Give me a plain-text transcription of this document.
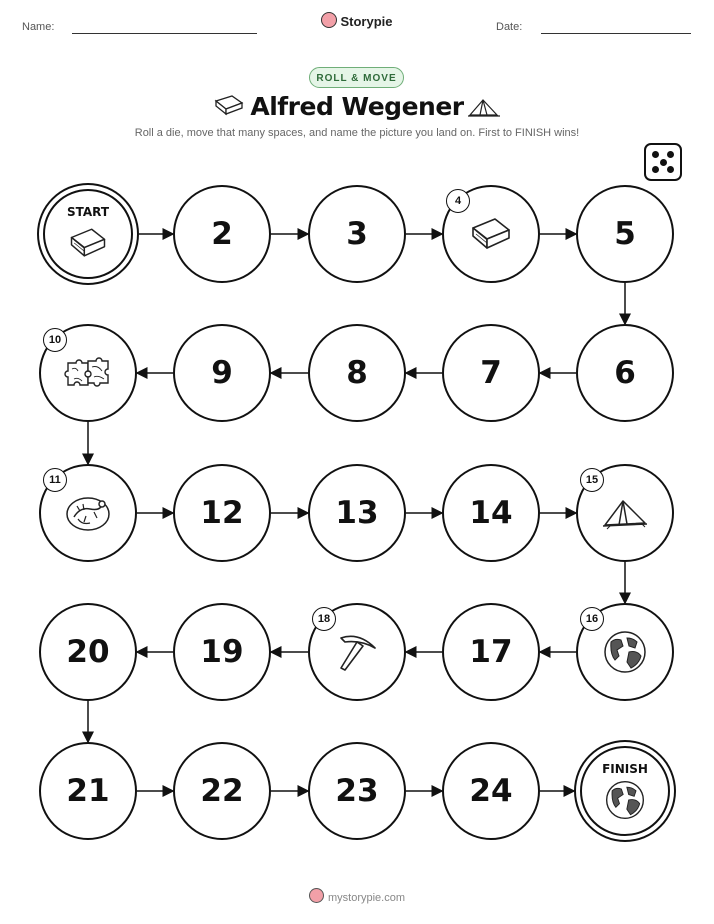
Name:	Storypie	Date:
ROLL & MOVE
Alfred Wegener
Roll a die, move that many spaces, and name the picture you land on. First to FINISH wins!
START
2	3
4
5
6
7
8
9
10
11
12	13	14
15
16
17
18
19
20
21	22	23	24
FINISH
mystorypie.com
